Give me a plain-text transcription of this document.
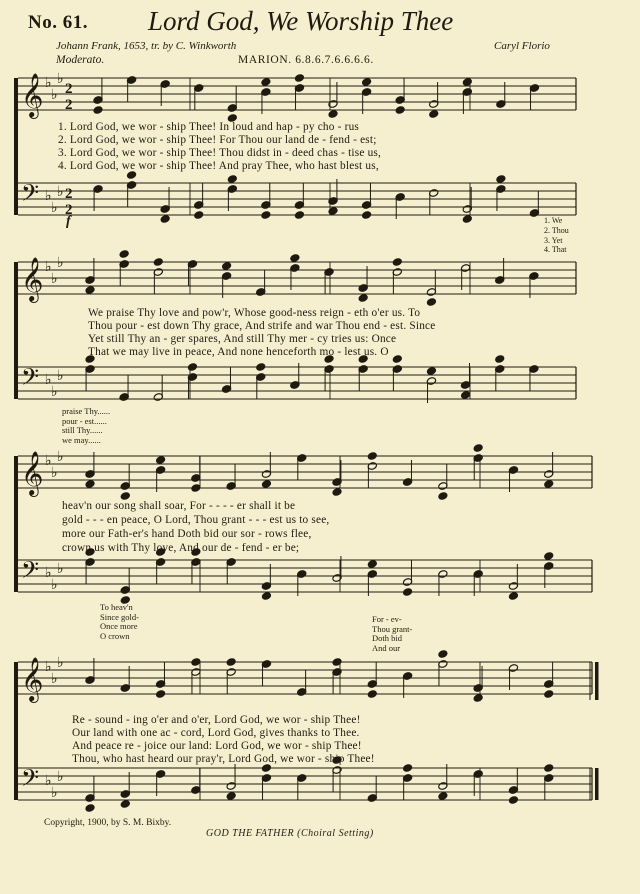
No. 61. Lord God, We Worship Thee
Johann Frank, 1653, tr. by C. Winkworth	Caryl Florio
Moderato.	MARION. 6.8.6.7.6.6.6.6.
𝄞 ♭
♭
♭
2
2
𝄢 ♭
♭
♭ 2
2
𝄞 ♭
♭
♭
𝄢 ♭
♭
♭
𝄞 ♭
♭
♭
𝄢 ♭
♭
♭
𝄞 ♭
♭
♭
𝄢 ♭
♭
♭
f
1. Lord God, we wor - ship Thee! In loud and hap - py cho - rus
2. Lord God, we wor - ship Thee! For Thou our land de - fend - est;
3. Lord God, we wor - ship Thee! Thou didst in - deed chas - tise us,
4. Lord God, we wor - ship Thee! And pray Thee, who hast blest us,
1. We
2. Thou
3. Yet
4. That
We praise Thy love and pow'r, Whose good-ness reign - eth o'er us. To
Thou pour - est down Thy grace, And strife and war Thou end - est. Since
Yet still Thy an - ger spares, And still Thy mer - cy tries us: Once
That we may live in peace, And none henceforth mo - lest us. O
praise Thy......
pour - est......
still Thy......
we may......
heav'n our song shall soar, For - - - - er shall it be
gold - - - en peace, O Lord, Thou grant - - - est us to see,
more our Fath-er's hand Doth bid our sor - rows flee,
crown us with Thy love, And our de - fend - er be;
To heav'n
Since gold-
Once more
O crown
For - ev-
Thou grant-
Doth bid
And our
Re - sound - ing o'er and o'er, Lord God, we wor - ship Thee!
Our land with one ac - cord, Lord God, gives thanks to Thee.
And peace re - joice our land: Lord God, we wor - ship Thee!
Thou, who hast heard our pray'r, Lord God, we wor - ship Thee!
Copyright, 1900, by S. M. Bixby.
GOD THE FATHER (Choiral Setting)
